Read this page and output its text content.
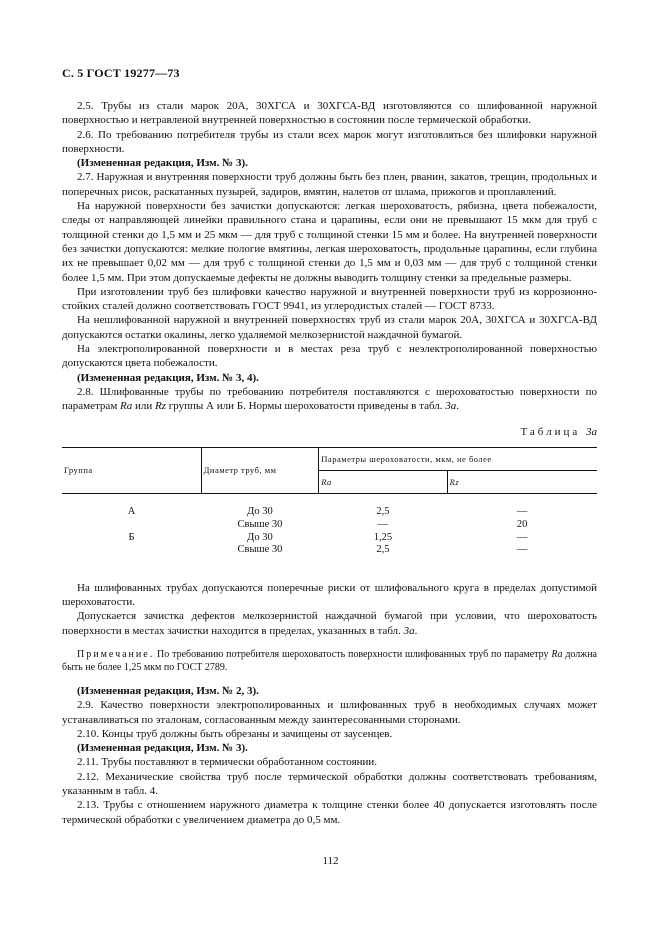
С. 5 ГОСТ 19277—73

2.5. Трубы из стали марок 20А, 30ХГСА и 30ХГСА-ВД изготовляются со шлифованной наружной поверхностью и нетравленой внутренней поверхностью в состоянии после термической обработки.

2.6. По требованию потребителя трубы из стали всех марок могут изготовляться без шлифовки наружной поверхности.

(Измененная редакция, Изм. № 3).

2.7. Наружная и внутренняя поверхности труб должны быть без плен, рванин, закатов, трещин, продольных и поперечных рисок, раскатанных пузырей, задиров, вмятин, налетов от шлама, прижогов и проплавлений.

На наружной поверхности без зачистки допускаются: легкая шероховатость, рябизна, цвета побежалости, следы от направляющей линейки правильного стана и царапины, если они не превышают 15 мкм для труб с толщиной стенки до 1,5 мм и 25 мкм — для труб с толщиной стенки 15 мм и более. На внутренней поверхности без зачистки допускаются: мелкие пологие вмятины, легкая шероховатость, продольные царапины, если глубина их не превышает 0,02 мм — для труб с толщиной стенки до 1,5 мм и 0,03 мм — для труб с толщиной стенки более 1,5 мм. При этом допускаемые дефекты не должны выводить толщину стенки за предельные размеры.

При изготовлении труб без шлифовки качество наружной и внутренней поверхности труб из коррозионно-стойких сталей должно соответствовать ГОСТ 9941, из углеродистых сталей — ГОСТ 8733.

На нешлифованной наружной и внутренней поверхностях труб из стали марок 20А, 30ХГСА и 30ХГСА-ВД допускаются остатки окалины, легко удаляемой мелкозернистой наждачной бумагой.

На электрополированной поверхности и в местах реза труб с неэлектрополированной поверхностью допускаются цвета побежалости.

(Измененная редакция, Изм. № 3, 4).

2.8. Шлифованные трубы по требованию потребителя поставляются с шероховатостью поверхности по параметрам Ra или Rz группы А или Б. Нормы шероховатости приведены в табл. 3а.

Таблица 3а
Группа	Диаметр труб, мм	Параметры шероховатости, мкм, не более	
		Ra	Rz
А	До 30	2,5	—
	Свыше 30	—	20
Б	До 30	1,25	—
	Свыше 30	2,5	—

На шлифованных трубах допускаются поперечные риски от шлифовального круга в пределах допустимой шероховатости.

Допускается зачистка дефектов мелкозернистой наждачной бумагой при условии, что шероховатость поверхности в местах зачистки находится в пределах, указанных в табл. 3а.

Примечание. По требованию потребителя шероховатость поверхности шлифованных труб по параметру Ra должна быть не более 1,25 мкм по ГОСТ 2789.

(Измененная редакция, Изм. № 2, 3).

2.9. Качество поверхности электрополированных и шлифованных труб в необходимых случаях может устанавливаться по эталонам, согласованным между заинтересованными сторонами.

2.10. Концы труб должны быть обрезаны и зачищены от заусенцев.

(Измененная редакция, Изм. № 3).

2.11. Трубы поставляют в термически обработанном состоянии.

2.12. Механические свойства труб после термической обработки должны соответствовать требованиям, указанным в табл. 4.

2.13. Трубы с отношением наружного диаметра к толщине стенки более 40 допускается изготовлять после термической обработки с увеличением диаметра до 0,5 мм.

112
